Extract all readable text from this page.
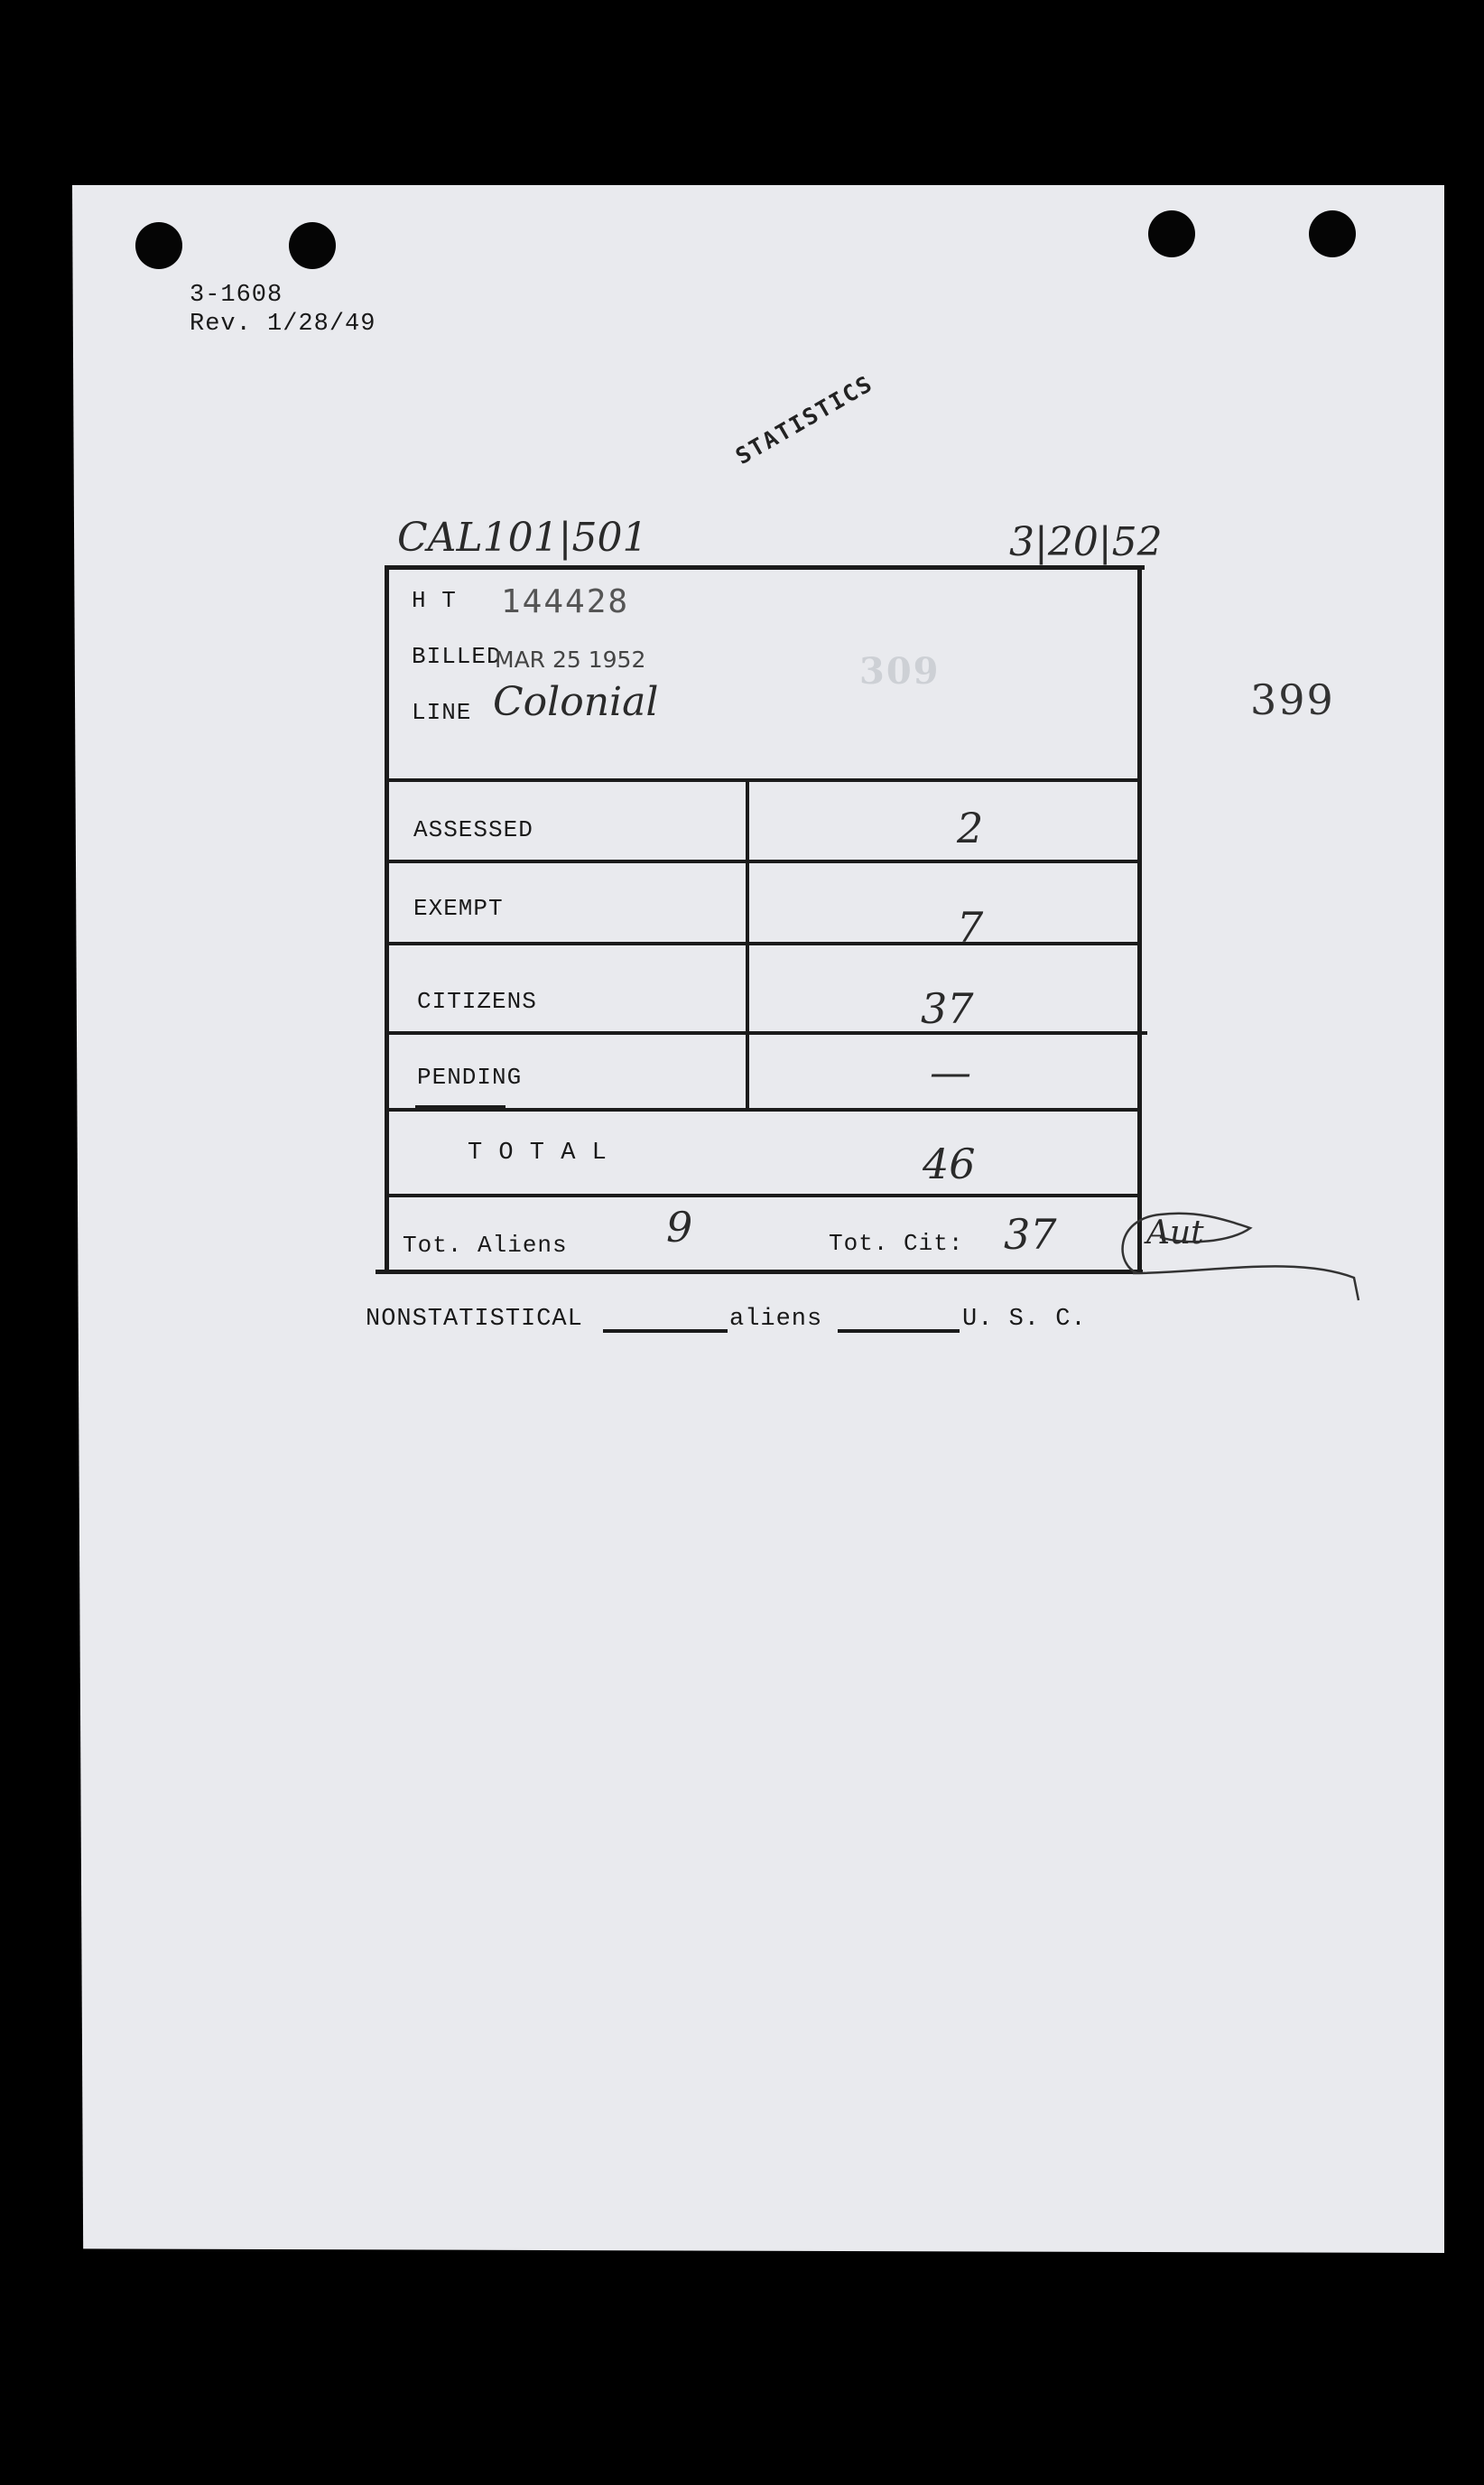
3-1608
Rev. 1/28/49
STATISTICS
CAL101|501	3|20|52
399
309
H T 144428
BILLED
MAR 25 1952
LINE Colonial
ASSESSED	2
EXEMPT	7
CITIZENS	37
PENDING	—
T O T A L	46
Tot. Aliens 9	Tot. Cit: 37	Aut
NONSTATISTICAL	aliens	U. S. C.
